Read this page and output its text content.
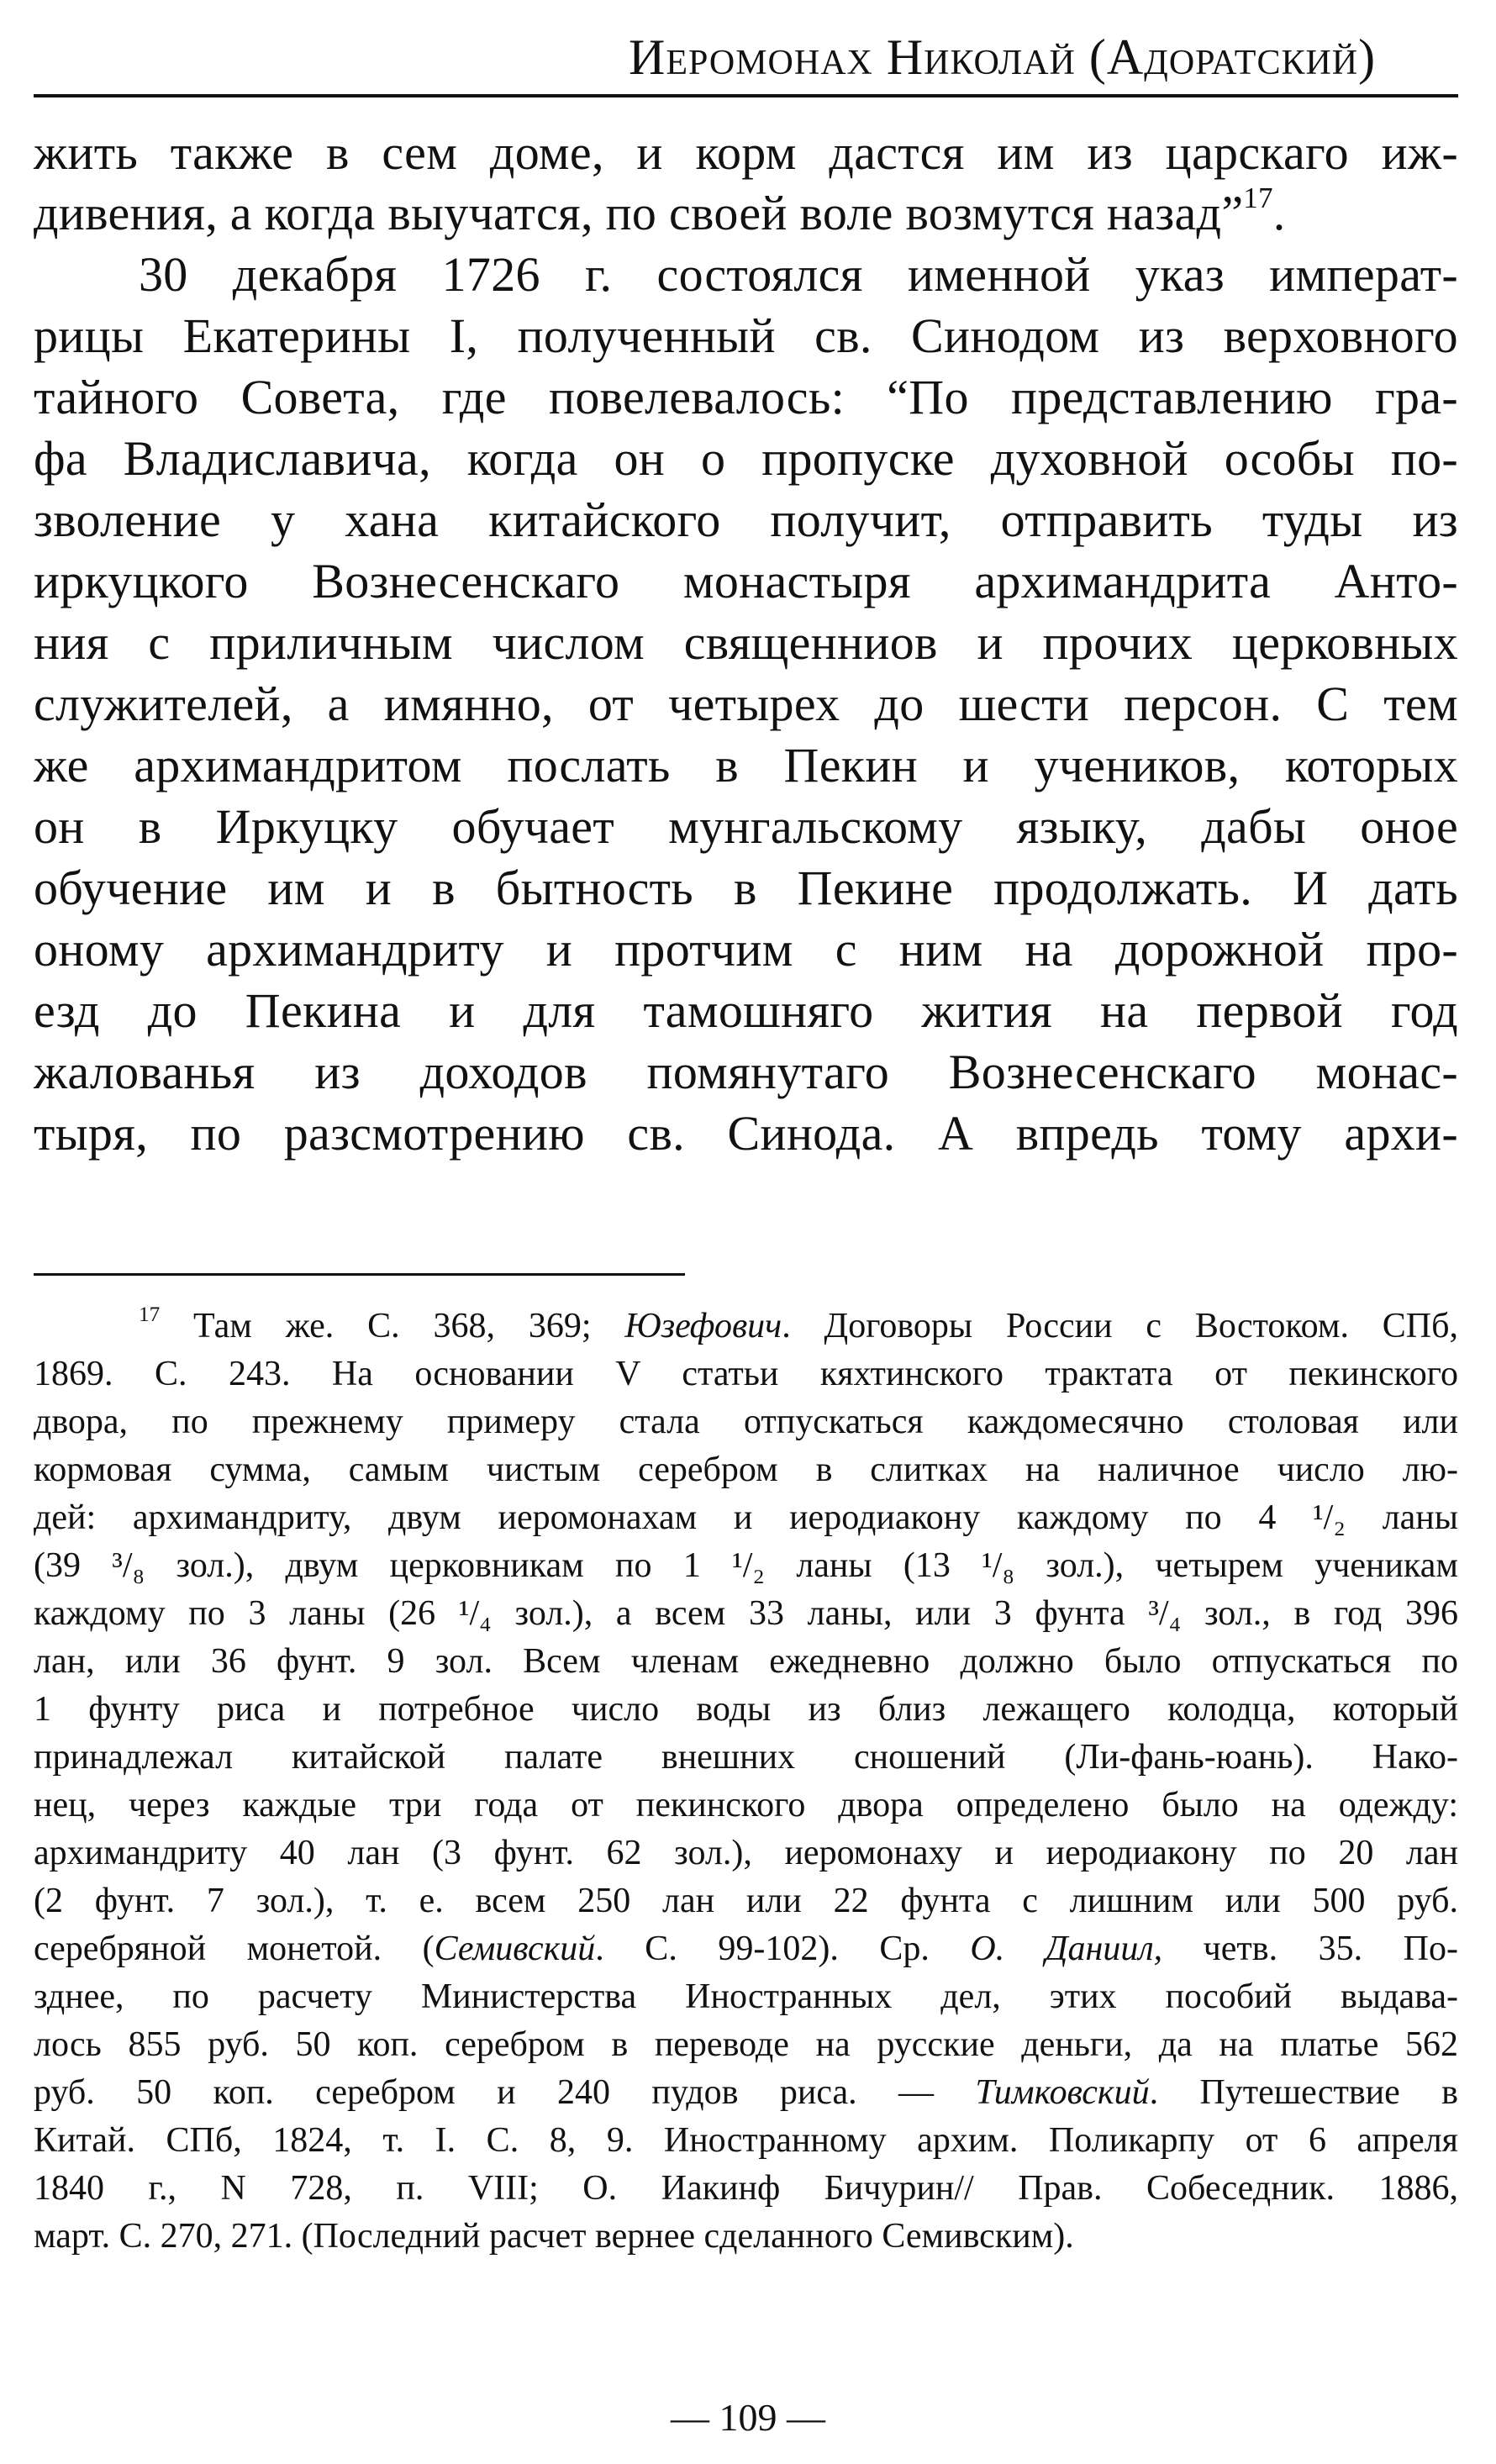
Иеромонах Николай (Адоратский)
жить также в сем доме, и корм дастся им из царскаго иж-
дивения, а когда выучатся, по своей воле возмутся назад”$^{17}$.
30 декабря 1726 г. состоялся именной указ императ-
рицы Екатерины I, полученный св. Синодом из верховного
тайного Совета, где повелевалось: “По представлению гра-
фа Владиславича, когда он о пропуске духовной особы по-
зволение у хана китайского получит, отправить туды из
иркуцкого Вознесенскаго монастыря архимандрита Анто-
ния с приличным числом священниов и прочих церковных
служителей, а имянно, от четырех до шести персон. С тем
же архимандритом послать в Пекин и учеников, которых
он в Иркуцку обучает мунгальскому языку, дабы оное
обучение им и в бытность в Пекине продолжать. И дать
оному архимандриту и протчим с ним на дорожной про-
езд до Пекина и для тамошняго жития на первой год
жалованья из доходов помянутаго Вознесенскаго монас-
тыря, по разсмотрению св. Синода. А впредь тому архи-
$^{17}$ Там же. С. 368, 369; Юзефович. Договоры России с Востоком. СПб,
1869. С. 243. На основании V статьи кяхтинского трактата от пекинского
двора, по прежнему примеру стала отпускаться каждомесячно столовая или
кормовая сумма, самым чистым серебром в слитках на наличное число лю-
дей: архимандриту, двум иеромонахам и иеродиакону каждому по 4 ¹/₂ ланы
(39 ³/₈ зол.), двум церковникам по 1 ¹/₂ ланы (13 ¹/₈ зол.), четырем ученикам
каждому по 3 ланы (26 ¹/₄ зол.), а всем 33 ланы, или 3 фунта ³/₄ зол., в год 396
лан, или 36 фунт. 9 зол. Всем членам ежедневно должно было отпускаться по
1 фунту риса и потребное число воды из близ лежащего колодца, который
принадлежал китайской палате внешних сношений (Ли-фань-юань). Нако-
нец, через каждые три года от пекинского двора определено было на одежду:
архимандриту 40 лан (3 фунт. 62 зол.), иеромонаху и иеродиакону по 20 лан
(2 фунт. 7 зол.), т. е. всем 250 лан или 22 фунта с лишним или 500 руб.
серебряной монетой. (Семивский. С. 99-102). Ср. О. Даниил, четв. 35. По-
зднее, по расчету Министерства Иностранных дел, этих пособий выдава-
лось 855 руб. 50 коп. серебром в переводе на русские деньги, да на платье 562
руб. 50 коп. серебром и 240 пудов риса. — Тимковский. Путешествие в
Китай. СПб, 1824, т. I. С. 8, 9. Иностранному архим. Поликарпу от 6 апреля
1840 г., N 728, п. VIII; О. Иакинф Бичурин// Прав. Собеседник. 1886,
март. С. 270, 271. (Последний расчет вернее сделанного Семивским).
— 109 —
